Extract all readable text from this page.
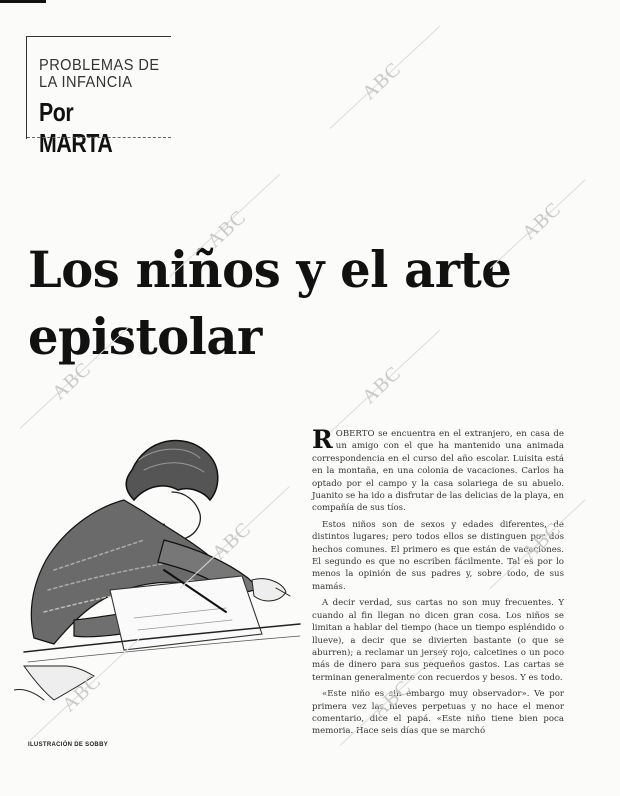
PROBLEMAS DE LA INFANCIA
Por MARTA
Los niños y el arte epistolar
ILUSTRACIÓN DE SOBBY

ROBERTO se encuentra en el extranjero, en casa de un amigo con el que ha mantenido una animada correspondencia en el curso del año escolar. Luisita está en la montaña, en una colonia de vacaciones. Carlos ha optado por el campo y la casa solariega de su abuelo. Juanito se ha ido a disfrutar de las delicias de la playa, en compañía de sus tíos.

Estos niños son de sexos y edades diferentes, de distintos lugares; pero todos ellos se distinguen por dos hechos comunes. El primero es que están de vacaciones. El segundo es que no escriben fácilmente. Tal es por lo menos la opinión de sus padres y, sobre todo, de sus mamás.

A decir verdad, sus cartas no son muy frecuentes. Y cuando al fin llegan no dicen gran cosa. Los niños se limitan a hablar del tiempo (hace un tiempo espléndido o llueve), a decir que se divierten bastante (o que se aburren); a reclamar un jersey rojo, calcetines o un poco más de dinero para sus pequeños gastos. Las cartas se terminan generalmente con recuerdos y besos. Y es todo.

«Este niño es sin embargo muy observador». Ve por primera vez las nieves perpetuas y no hace el menor comentario, dice el papá. «Este niño tiene bien poca memoria. Hace seis días que se marchó

ABC
ABC	ABC
ABC	ABC
ABC	ABC
ABC	ABC
